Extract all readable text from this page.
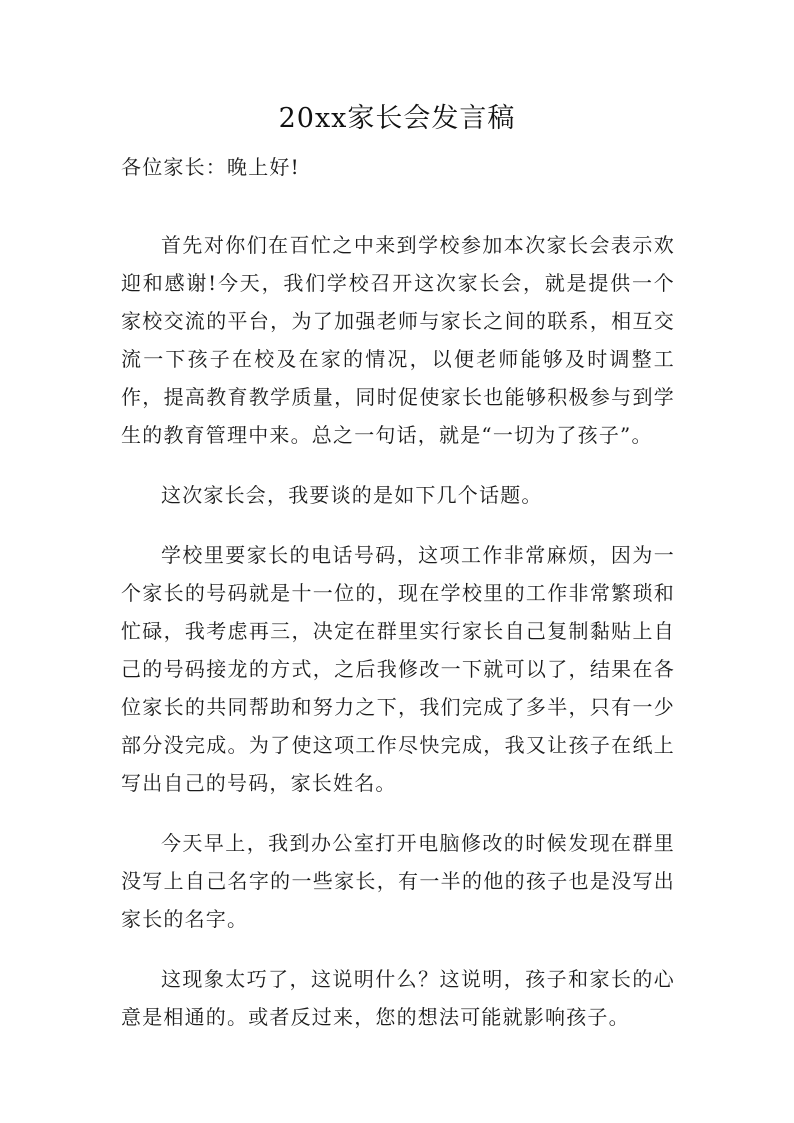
20xx家长会发言稿
各位家长：晚上好!

首先对你们在百忙之中来到学校参加本次家长会表示欢迎和感谢!今天，我们学校召开这次家长会，就是提供一个家校交流的平台，为了加强老师与家长之间的联系，相互交流一下孩子在校及在家的情况，以便老师能够及时调整工作，提高教育教学质量，同时促使家长也能够积极参与到学生的教育管理中来。总之一句话，就是“一切为了孩子”。

这次家长会，我要谈的是如下几个话题。

学校里要家长的电话号码，这项工作非常麻烦，因为一个家长的号码就是十一位的，现在学校里的工作非常繁琐和忙碌，我考虑再三，决定在群里实行家长自己复制黏贴上自己的号码接龙的方式，之后我修改一下就可以了，结果在各位家长的共同帮助和努力之下，我们完成了多半，只有一少部分没完成。为了使这项工作尽快完成，我又让孩子在纸上写出自己的号码，家长姓名。

今天早上，我到办公室打开电脑修改的时候发现在群里没写上自己名字的一些家长，有一半的他的孩子也是没写出家长的名字。

这现象太巧了，这说明什么？这说明，孩子和家长的心意是相通的。或者反过来，您的想法可能就影响孩子。
